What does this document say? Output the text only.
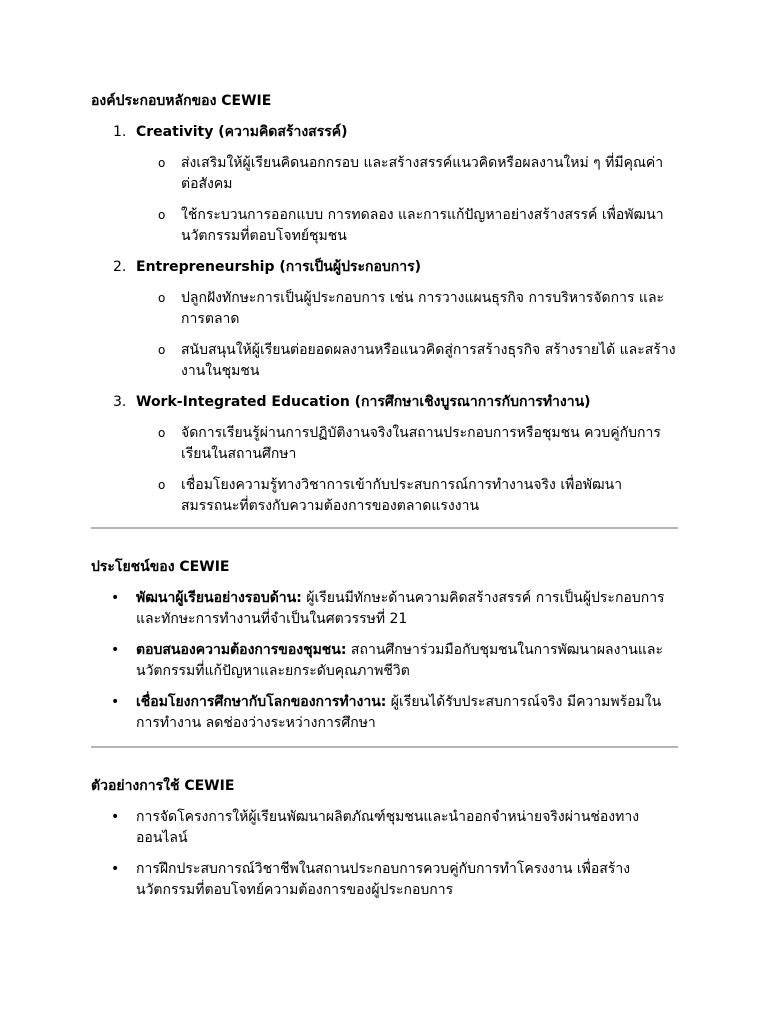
องค์ประกอบหลักของ CEWIE

1. Creativity (ความคิดสร้างสรรค์)
o ส่งเสริมให้ผู้เรียนคิดนอกกรอบ และสร้างสรรค์แนวคิดหรือผลงานใหม่ ๆ ที่มีคุณค่าต่อสังคม
o ใช้กระบวนการออกแบบ การทดลอง และการแก้ปัญหาอย่างสร้างสรรค์ เพื่อพัฒนานวัตกรรมที่ตอบโจทย์ชุมชน
2. Entrepreneurship (การเป็นผู้ประกอบการ)
o ปลูกฝังทักษะการเป็นผู้ประกอบการ เช่น การวางแผนธุรกิจ การบริหารจัดการ และการตลาด
o สนับสนุนให้ผู้เรียนต่อยอดผลงานหรือแนวคิดสู่การสร้างธุรกิจ สร้างรายได้ และสร้างงานในชุมชน
3. Work-Integrated Education (การศึกษาเชิงบูรณาการกับการทำงาน)
o จัดการเรียนรู้ผ่านการปฏิบัติงานจริงในสถานประกอบการหรือชุมชน ควบคู่กับการเรียนในสถานศึกษา
o เชื่อมโยงความรู้ทางวิชาการเข้ากับประสบการณ์การทำงานจริง เพื่อพัฒนาสมรรถนะที่ตรงกับความต้องการของตลาดแรงงาน

ประโยชน์ของ CEWIE

• พัฒนาผู้เรียนอย่างรอบด้าน: ผู้เรียนมีทักษะด้านความคิดสร้างสรรค์ การเป็นผู้ประกอบการ และทักษะการทำงานที่จำเป็นในศตวรรษที่ 21
• ตอบสนองความต้องการของชุมชน: สถานศึกษาร่วมมือกับชุมชนในการพัฒนาผลงานและนวัตกรรมที่แก้ปัญหาและยกระดับคุณภาพชีวิต
• เชื่อมโยงการศึกษากับโลกของการทำงาน: ผู้เรียนได้รับประสบการณ์จริง มีความพร้อมในการทำงาน ลดช่องว่างระหว่างการศึกษา

ตัวอย่างการใช้ CEWIE

• การจัดโครงการให้ผู้เรียนพัฒนาผลิตภัณฑ์ชุมชนและนำออกจำหน่ายจริงผ่านช่องทางออนไลน์
• การฝึกประสบการณ์วิชาชีพในสถานประกอบการควบคู่กับการทำโครงงาน เพื่อสร้างนวัตกรรมที่ตอบโจทย์ความต้องการของผู้ประกอบการ
